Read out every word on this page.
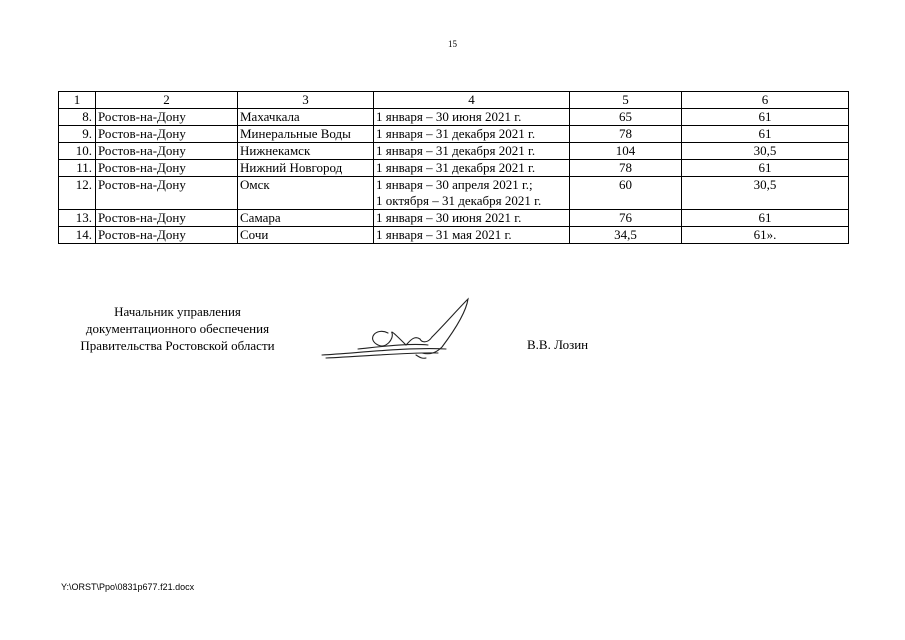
15
1	2	3	4	5	6
8.	Ростов-на-Дону	Махачкала	1 января – 30 июня 2021 г.	65	61
9.	Ростов-на-Дону	Минеральные Воды	1 января – 31 декабря 2021 г.	78	61
10.	Ростов-на-Дону	Нижнекамск	1 января – 31 декабря 2021 г.	104	30,5
11.	Ростов-на-Дону	Нижний Новгород	1 января – 31 декабря 2021 г.	78	61
12.	Ростов-на-Дону	Омск	1 января – 30 апреля 2021 г.;
1 октября – 31 декабря 2021 г.	60	30,5
13.	Ростов-на-Дону	Самара	1 января – 30 июня 2021 г.	76	61
14.	Ростов-на-Дону	Сочи	1 января – 31 мая 2021 г.	34,5	61».
Начальник управления
документационного обеспечения
Правительства Ростовской области	В.В. Лозин
Y:\ORST\Ppo\0831p677.f21.docx
